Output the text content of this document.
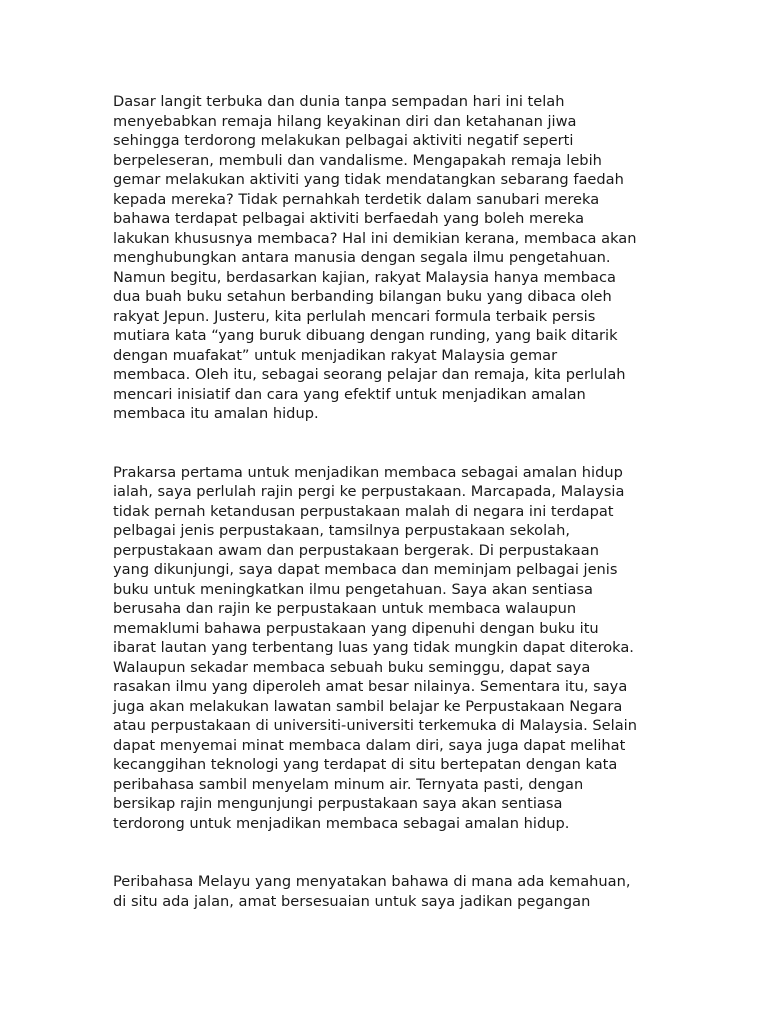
Dasar langit terbuka dan dunia tanpa sempadan hari ini telah
menyebabkan remaja hilang keyakinan diri dan ketahanan jiwa
sehingga terdorong melakukan pelbagai aktiviti negatif seperti
berpeleseran, membuli dan vandalisme. Mengapakah remaja lebih
gemar melakukan aktiviti yang tidak mendatangkan sebarang faedah
kepada mereka? Tidak pernahkah terdetik dalam sanubari mereka
bahawa terdapat pelbagai aktiviti berfaedah yang boleh mereka
lakukan khususnya membaca? Hal ini demikian kerana, membaca akan
menghubungkan antara manusia dengan segala ilmu pengetahuan.
Namun begitu, berdasarkan kajian, rakyat Malaysia hanya membaca
dua buah buku setahun berbanding bilangan buku yang dibaca oleh
rakyat Jepun. Justeru, kita perlulah mencari formula terbaik persis
mutiara kata “yang buruk dibuang dengan runding, yang baik ditarik
dengan muafakat” untuk menjadikan rakyat Malaysia gemar
membaca. Oleh itu, sebagai seorang pelajar dan remaja, kita perlulah
mencari inisiatif dan cara yang efektif untuk menjadikan amalan
membaca itu amalan hidup.
Prakarsa pertama untuk menjadikan membaca sebagai amalan hidup
ialah, saya perlulah rajin pergi ke perpustakaan. Marcapada, Malaysia
tidak pernah ketandusan perpustakaan malah di negara ini terdapat
pelbagai jenis perpustakaan, tamsilnya perpustakaan sekolah,
perpustakaan awam dan perpustakaan bergerak. Di perpustakaan
yang dikunjungi, saya dapat membaca dan meminjam pelbagai jenis
buku untuk meningkatkan ilmu pengetahuan. Saya akan sentiasa
berusaha dan rajin ke perpustakaan untuk membaca walaupun
memaklumi bahawa perpustakaan yang dipenuhi dengan buku itu
ibarat lautan yang terbentang luas yang tidak mungkin dapat diteroka.
Walaupun sekadar membaca sebuah buku seminggu, dapat saya
rasakan ilmu yang diperoleh amat besar nilainya. Sementara itu, saya
juga akan melakukan lawatan sambil belajar ke Perpustakaan Negara
atau perpustakaan di universiti-universiti terkemuka di Malaysia. Selain
dapat menyemai minat membaca dalam diri, saya juga dapat melihat
kecanggihan teknologi yang terdapat di situ bertepatan dengan kata
peribahasa sambil menyelam minum air. Ternyata pasti, dengan
bersikap rajin mengunjungi perpustakaan saya akan sentiasa
terdorong untuk menjadikan membaca sebagai amalan hidup.
Peribahasa Melayu yang menyatakan bahawa di mana ada kemahuan,
di situ ada jalan, amat bersesuaian untuk saya jadikan pegangan
